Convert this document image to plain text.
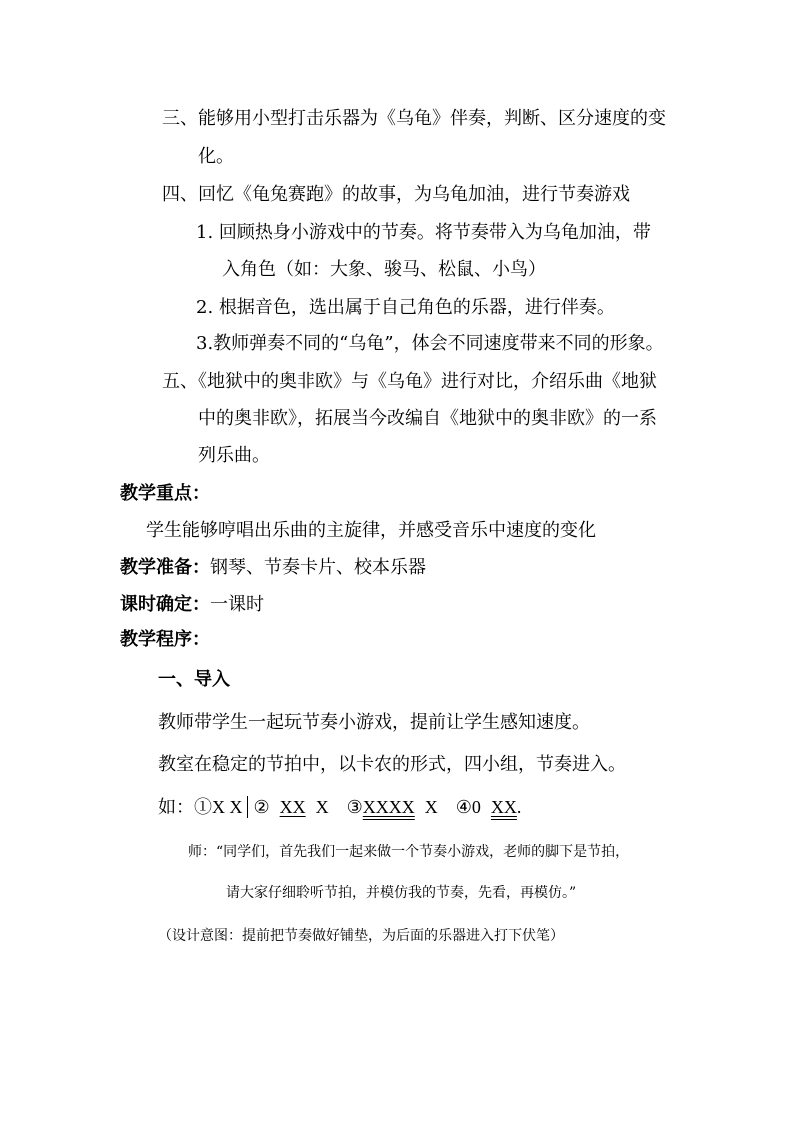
三、能够用小型打击乐器为《乌龟》伴奏，判断、区分速度的变
化。
四、回忆《龟兔赛跑》的故事，为乌龟加油，进行节奏游戏
1. 回顾热身小游戏中的节奏。将节奏带入为乌龟加油，带
入角色（如：大象、骏马、松鼠、小鸟）
2. 根据音色，选出属于自己角色的乐器，进行伴奏。
3.教师弹奏不同的“乌龟”，体会不同速度带来不同的形象。
五、《地狱中的奥非欧》与《乌龟》进行对比，介绍乐曲《地狱
中的奥非欧》，拓展当今改编自《地狱中的奥非欧》的一系
列乐曲。
教学重点：
学生能够哼唱出乐曲的主旋律，并感受音乐中速度的变化
教学准备：钢琴、节奏卡片、校本乐器
课时确定：一课时
教学程序：
一、导入
教师带学生一起玩节奏小游戏，提前让学生感知速度。
教室在稳定的节拍中，以卡农的形式，四小组，节奏进入。
如：①X X ② XX X ③XXXX X ④0 XX.
师：“同学们，首先我们一起来做一个节奏小游戏，老师的脚下是节拍，
请大家仔细聆听节拍，并模仿我的节奏，先看，再模仿。”
（设计意图：提前把节奏做好铺垫，为后面的乐器进入打下伏笔）
